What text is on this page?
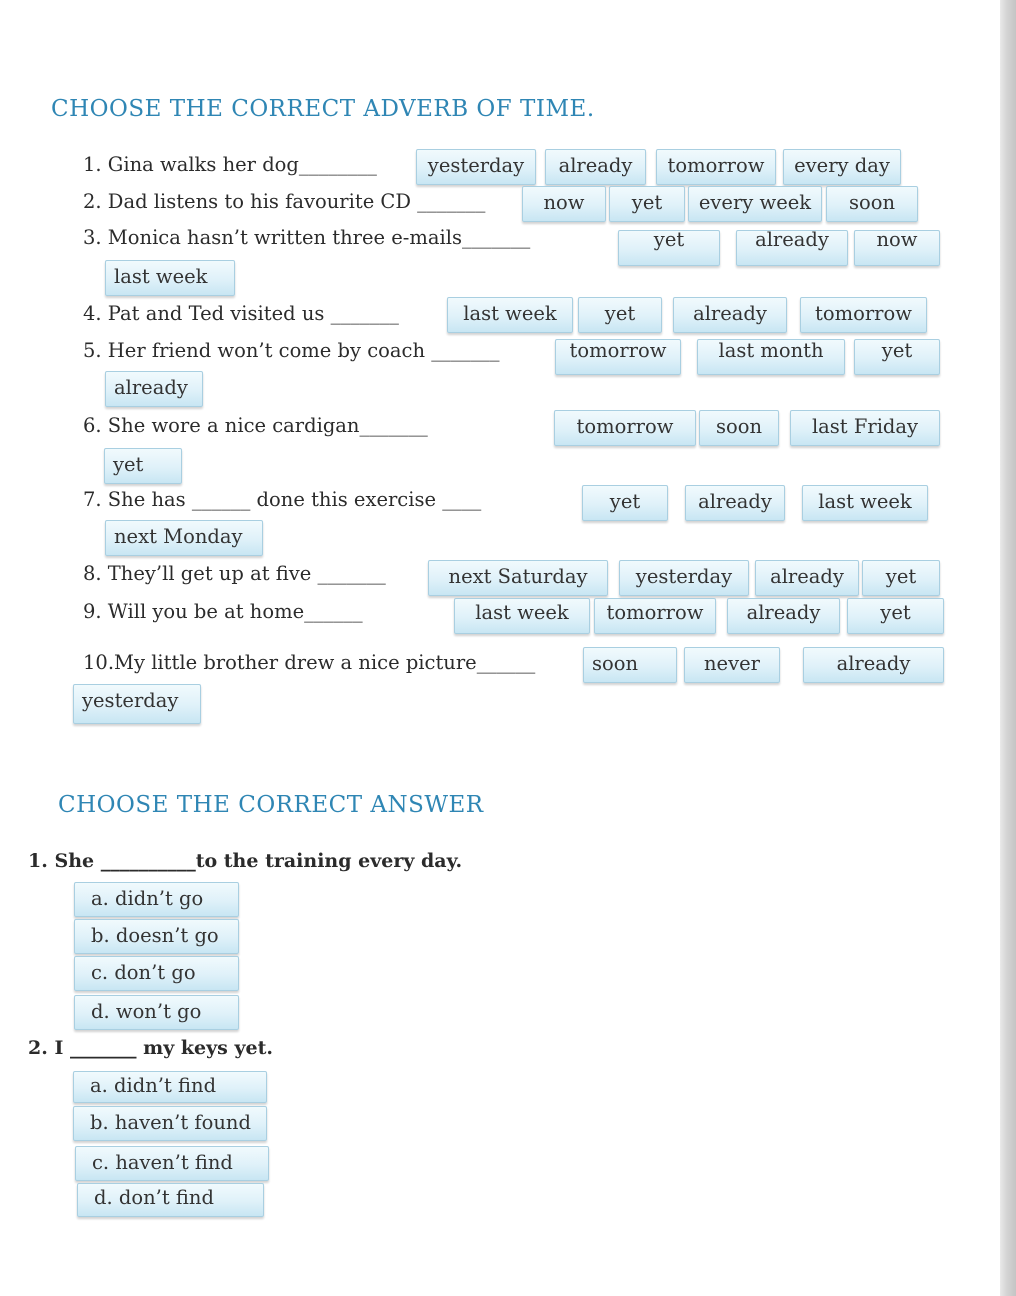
CHOOSE THE CORRECT ADVERB OF TIME.
1. Gina walks her dog________	yesterday	already	tomorrow	every day
2. Dad listens to his favourite CD _______	now	yet	every week	soon
3. Monica hasn’t written three e-mails_______	yet	already	now
last week
4. Pat and Ted visited us _______	last week	yet	already	tomorrow
5. Her friend won’t come by coach _______	tomorrow	last month	yet
already
6. She wore a nice cardigan_______	tomorrow	soon	last Friday
yet
7. She has ______ done this exercise ____	yet	already	last week
next Monday
8. They’ll get up at five _______	next Saturday	yesterday	already	yet
9. Will you be at home______	last week	tomorrow	already	yet
10.My little brother drew a nice picture______	soon	never	already
yesterday
CHOOSE THE CORRECT ANSWER
1. She __________to the training every day.
a. didn’t go
b. doesn’t go
c. don’t go
d. won’t go
2. I _______ my keys yet.
a. didn’t find
b. haven’t found
c. haven’t find
d. don’t find
